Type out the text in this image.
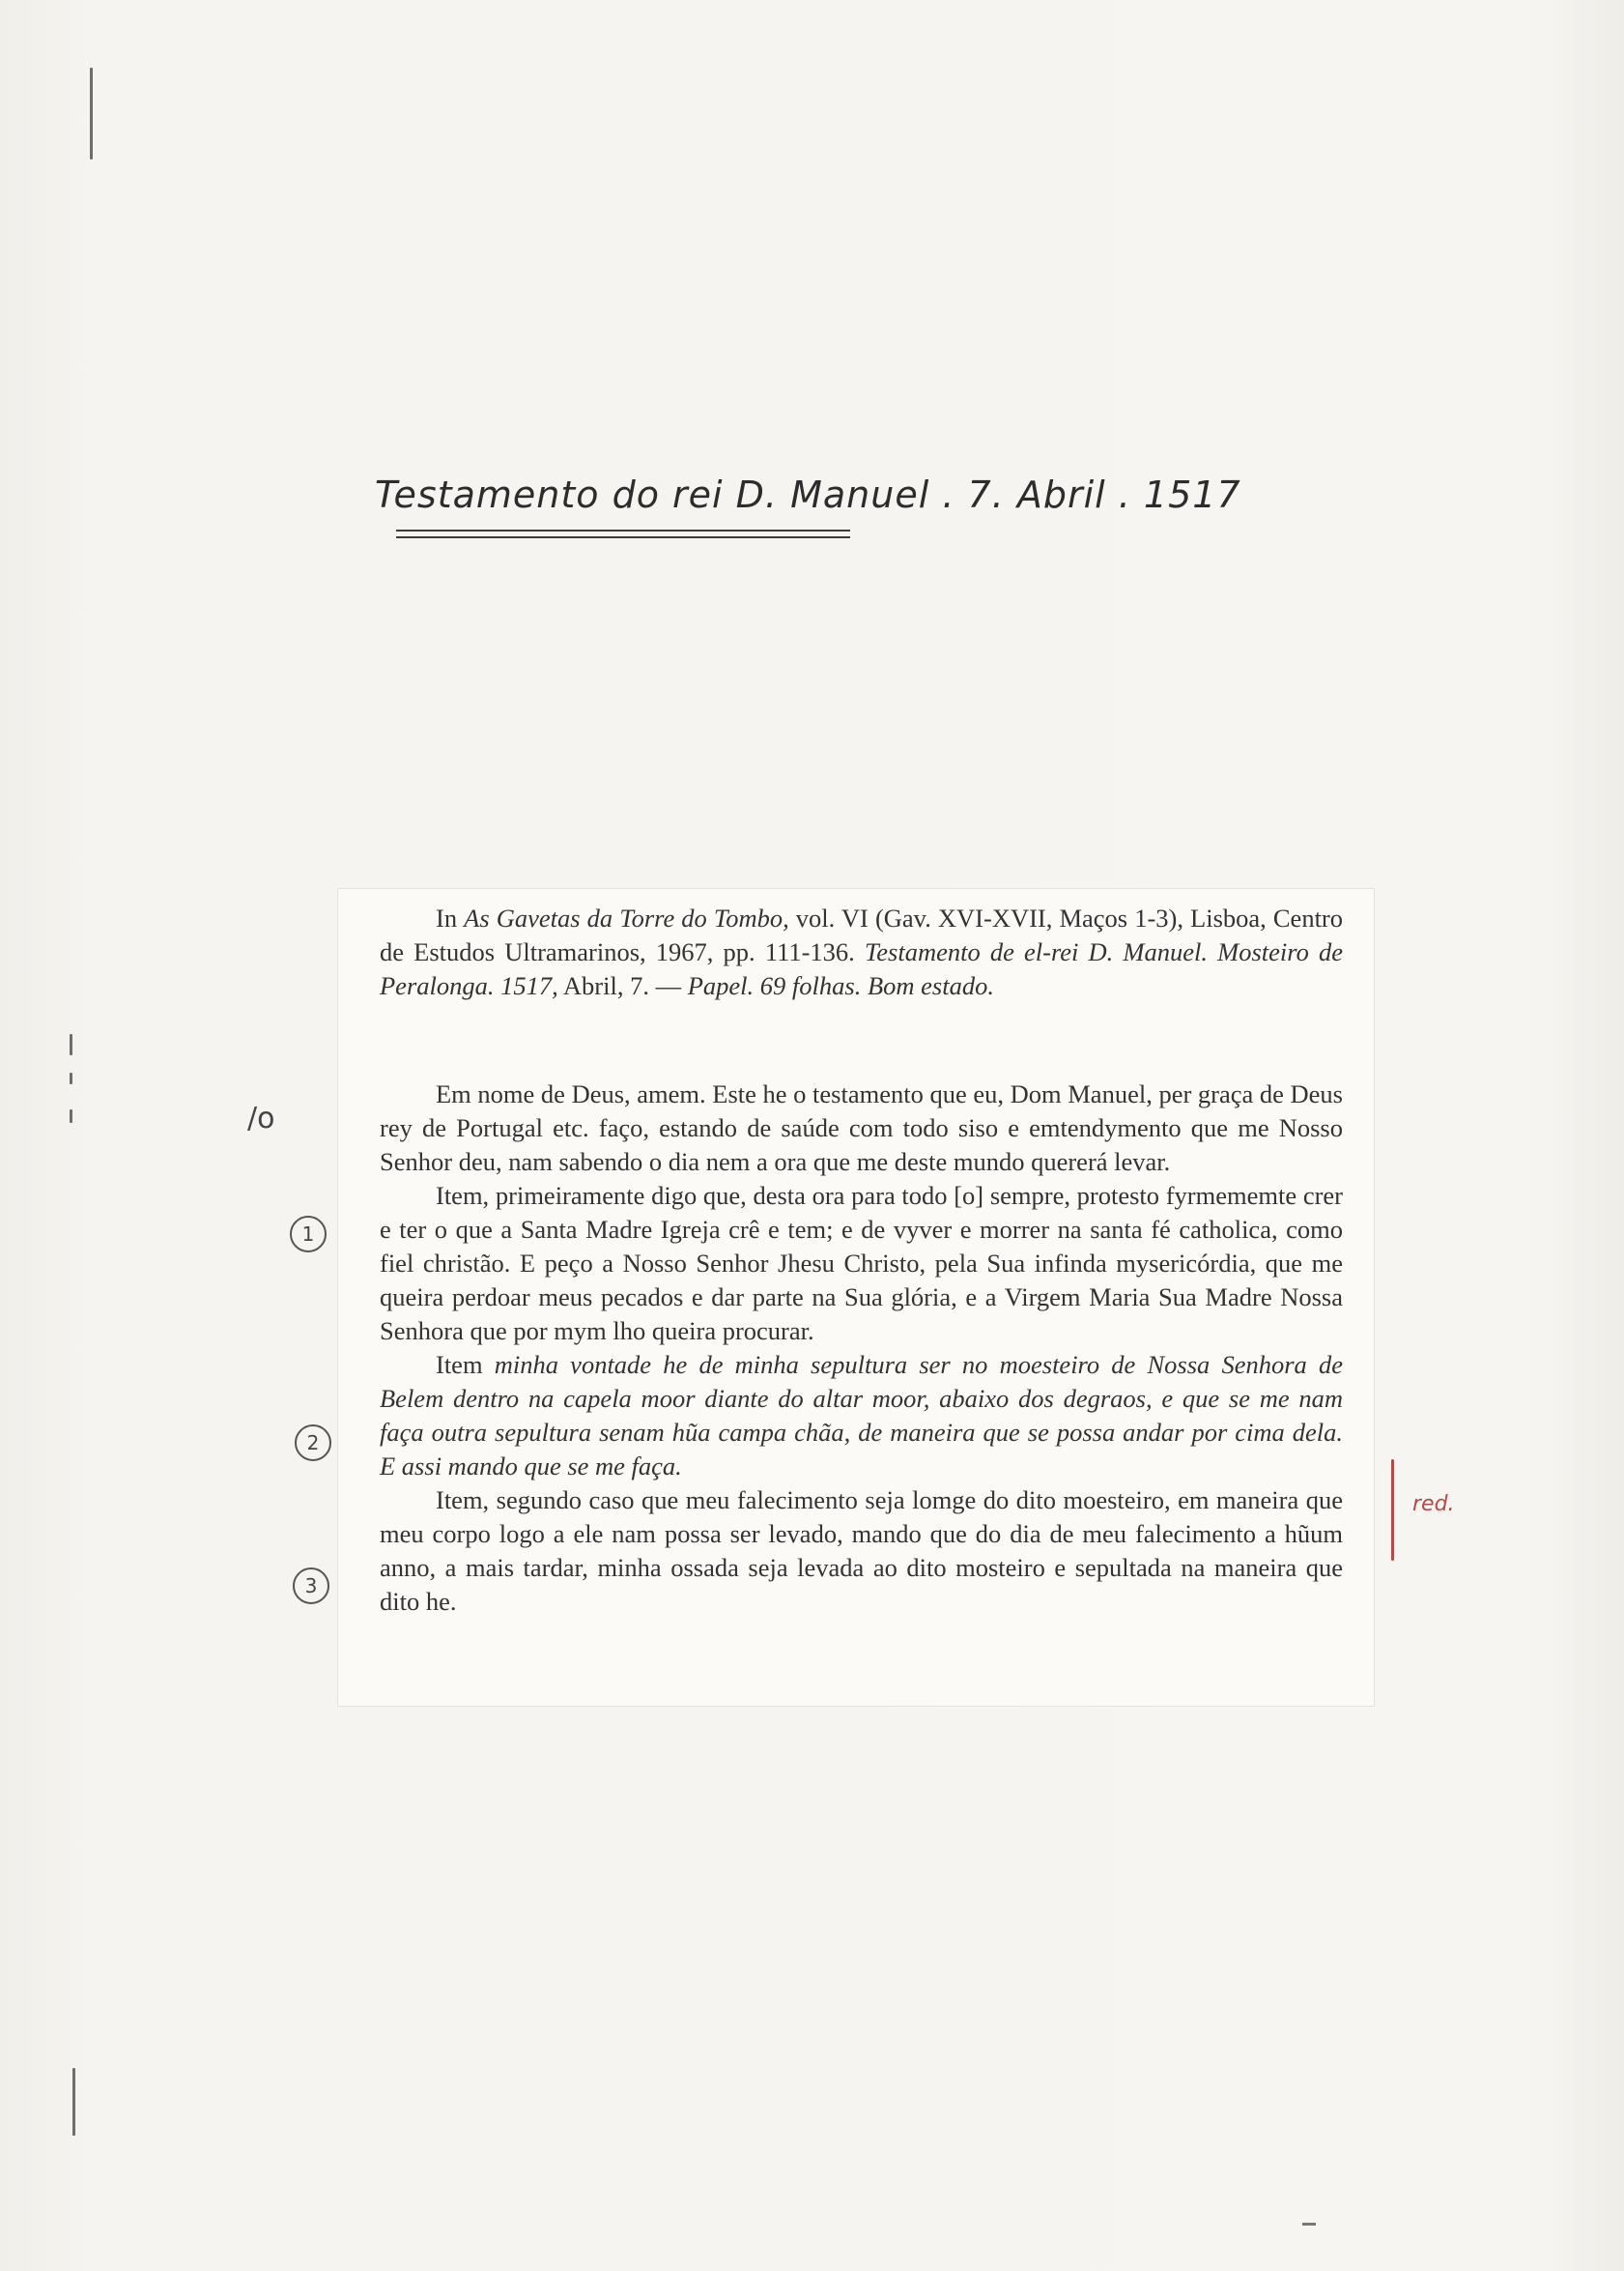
Testamento do rei D. Manuel . 7. Abril . 1517
In As Gavetas da Torre do Tombo, vol. VI (Gav. XVI-XVII, Maços 1-3), Lisboa, Centro de Estudos Ultramarinos, 1967, pp. 111-136. Testamento de el-rei D. Manuel. Mosteiro de Peralonga. 1517, Abril, 7. — Papel. 69 folhas. Bom estado.

Em nome de Deus, amem. Este he o testamento que eu, Dom Manuel, per graça de Deus rey de Portugal etc. faço, estando de saúde com todo siso e emtendymento que me Nosso Senhor deu, nam sabendo o dia nem a ora que me deste mundo quererá levar.

Item, primeiramente digo que, desta ora para todo [o] sempre, protesto fyrmememte crer e ter o que a Santa Madre Igreja crê e tem; e de vyver e morrer na santa fé catholica, como fiel christão. E peço a Nosso Senhor Jhesu Christo, pela Sua infinda mysericórdia, que me queira perdoar meus pecados e dar parte na Sua glória, e a Virgem Maria Sua Madre Nossa Senhora que por mym lho queira procurar.

Item minha vontade he de minha sepultura ser no moesteiro de Nossa Senhora de Belem dentro na capela moor diante do altar moor, abaixo dos degraos, e que se me nam faça outra sepultura senam hũa campa chãa, de maneira que se possa andar por cima dela. E assi mando que se me faça.

Item, segundo caso que meu falecimento seja lomge do dito moesteiro, em maneira que meu corpo logo a ele nam possa ser levado, mando que do dia de meu falecimento a hũum anno, a mais tardar, minha ossada seja levada ao dito mosteiro e sepultada na maneira que dito he.

/o
1
2
3
red.
